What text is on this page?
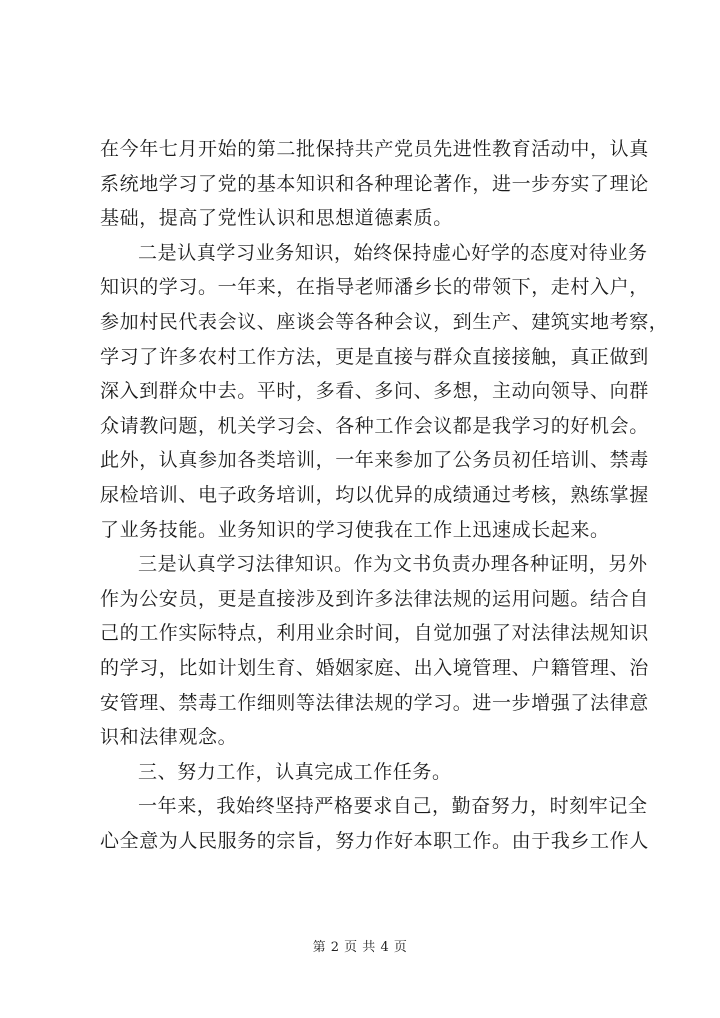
在今年七月开始的第二批保持共产党员先进性教育活动中，认真
系统地学习了党的基本知识和各种理论著作，进一步夯实了理论
基础，提高了党性认识和思想道德素质。
二是认真学习业务知识，始终保持虚心好学的态度对待业务
知识的学习。一年来，在指导老师潘乡长的带领下，走村入户，
参加村民代表会议、座谈会等各种会议，到生产、建筑实地考察，
学习了许多农村工作方法，更是直接与群众直接接触，真正做到
深入到群众中去。平时，多看、多问、多想，主动向领导、向群
众请教问题，机关学习会、各种工作会议都是我学习的好机会。
此外，认真参加各类培训，一年来参加了公务员初任培训、禁毒
尿检培训、电子政务培训，均以优异的成绩通过考核，熟练掌握
了业务技能。业务知识的学习使我在工作上迅速成长起来。
三是认真学习法律知识。作为文书负责办理各种证明，另外
作为公安员，更是直接涉及到许多法律法规的运用问题。结合自
己的工作实际特点，利用业余时间，自觉加强了对法律法规知识
的学习，比如计划生育、婚姻家庭、出入境管理、户籍管理、治
安管理、禁毒工作细则等法律法规的学习。进一步增强了法律意
识和法律观念。
三、努力工作，认真完成工作任务。
一年来，我始终坚持严格要求自己，勤奋努力，时刻牢记全
心全意为人民服务的宗旨，努力作好本职工作。由于我乡工作人
第 2 页 共 4 页
